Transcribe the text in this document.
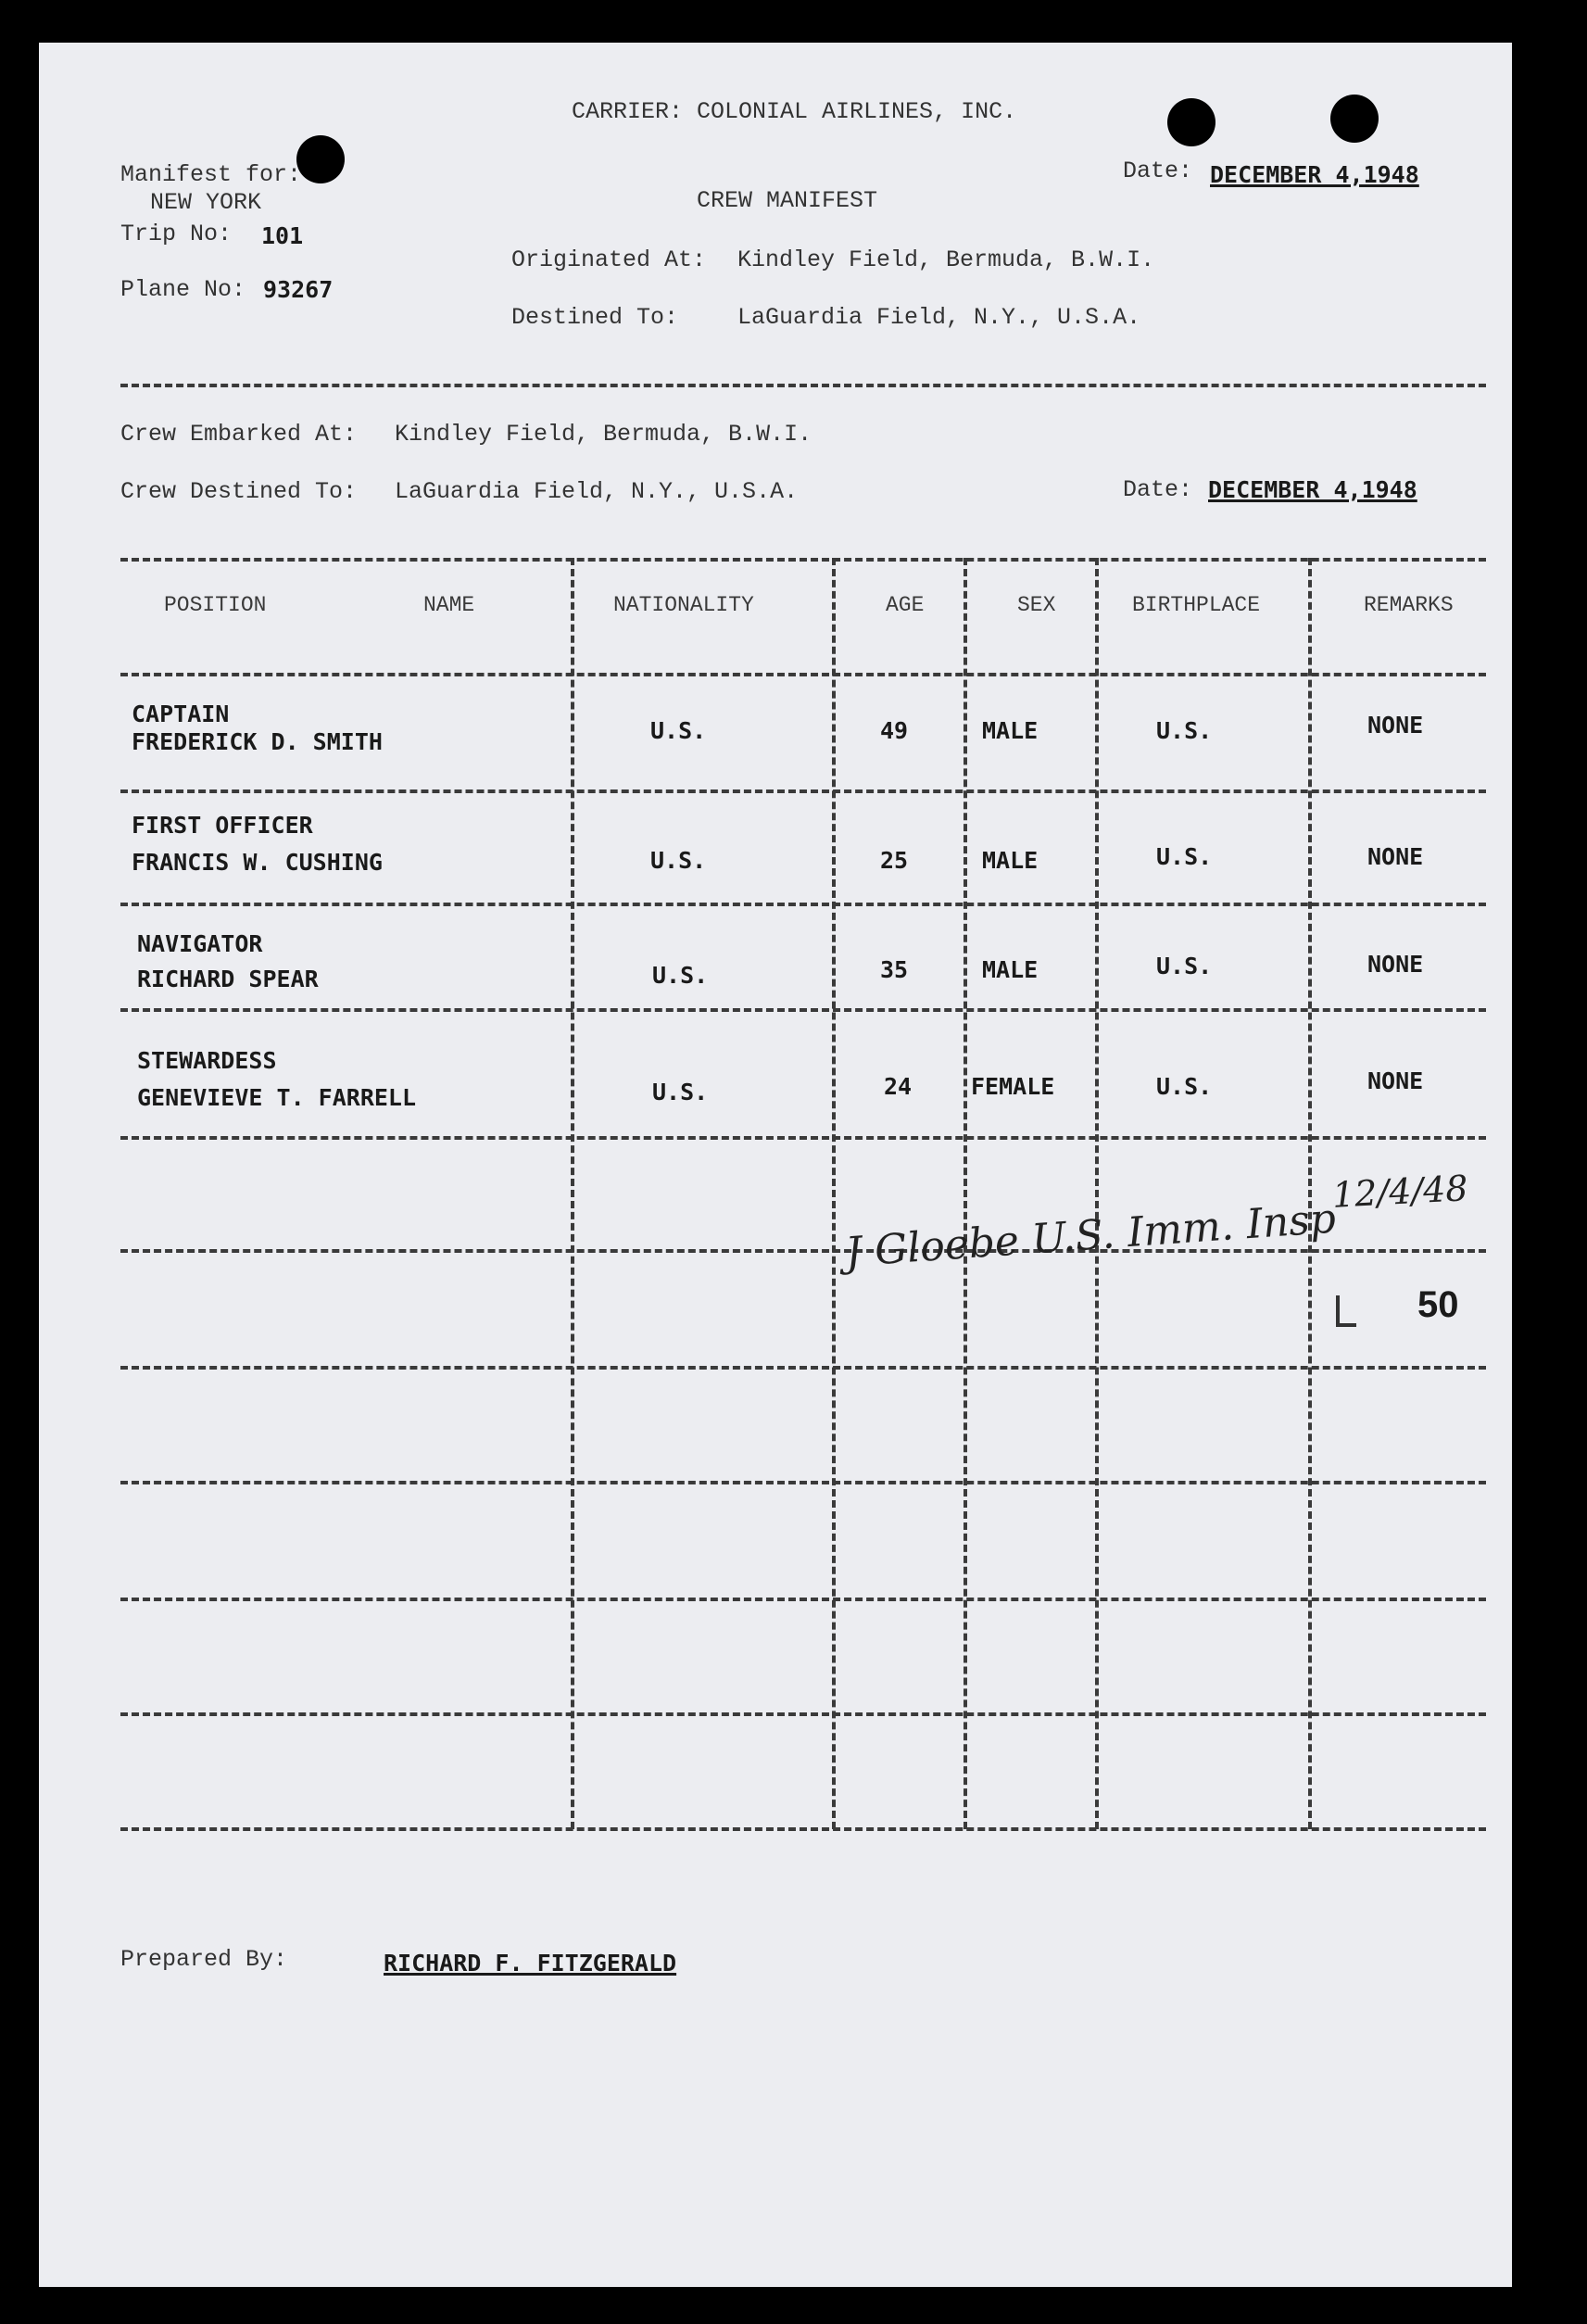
CARRIER: COLONIAL AIRLINES, INC.
Manifest for:
NEW YORK
Trip No: 101
Plane No: 93267
CREW MANIFEST
Date: DECEMBER 4,1948
Originated At: Kindley Field, Bermuda, B.W.I.
Destined To:	LaGuardia Field, N.Y., U.S.A.
Crew Embarked At: Kindley Field, Bermuda, B.W.I.
Crew Destined To: LaGuardia Field, N.Y., U.S.A.	Date: DECEMBER 4,1948
POSITION	NAME	NATIONALITY	AGE	SEX	BIRTHPLACE	REMARKS
CAPTAIN
FREDERICK D. SMITH	U.S.	49	MALE	U.S.	NONE
FIRST OFFICER
FRANCIS W. CUSHING	U.S.	25	MALE	U.S.	NONE
NAVIGATOR
RICHARD SPEAR	U.S.	35	MALE	U.S.	NONE
STEWARDESS
GENEVIEVE T. FARRELL	U.S.	24	FEMALE	U.S.	NONE
J Gloebe U.S. Imm. Insp
12/4/48
50
Prepared By:	RICHARD F. FITZGERALD
